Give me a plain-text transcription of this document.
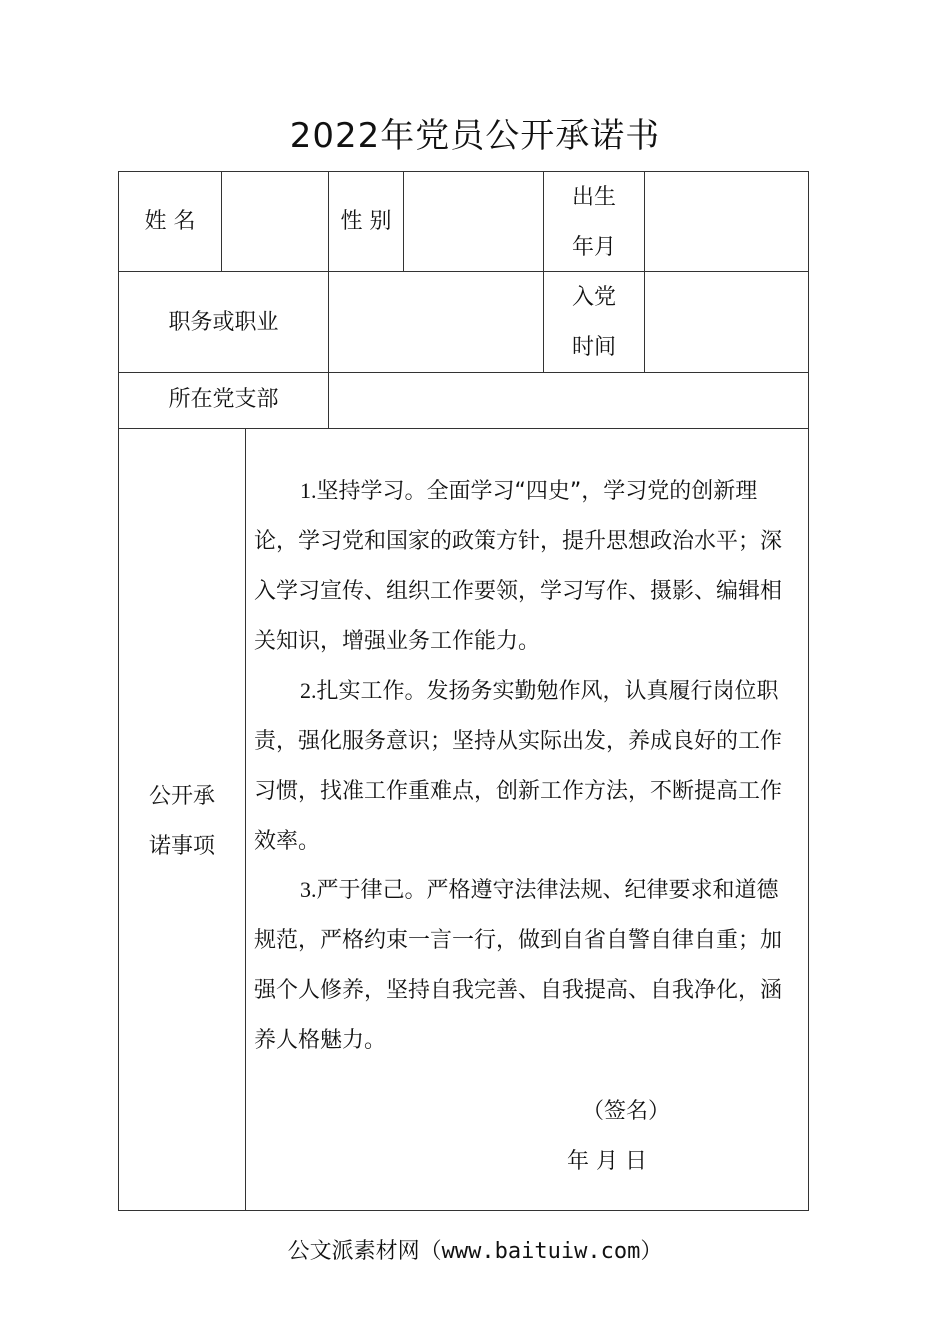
2022年党员公开承诺书
姓 名	性 别
出生
年月
职务或职业
入党
时间
所在党支部
公开承
诺事项
1.坚持学习。全面学习“四史”，学习党的创新理论，学习党和国家的政策方针，提升思想政治水平；深入学习宣传、组织工作要领，学习写作、摄影、编辑相关知识，增强业务工作能力。
2.扎实工作。发扬务实勤勉作风，认真履行岗位职责，强化服务意识；坚持从实际出发，养成良好的工作习惯，找准工作重难点，创新工作方法，不断提高工作效率。
3.严于律己。严格遵守法律法规、纪律要求和道德规范，严格约束一言一行，做到自省自警自律自重；加强个人修养，坚持自我完善、自我提高、自我净化，涵养人格魅力。
（签名）
年 月 日
公文派素材网（www.baituiw.com）
